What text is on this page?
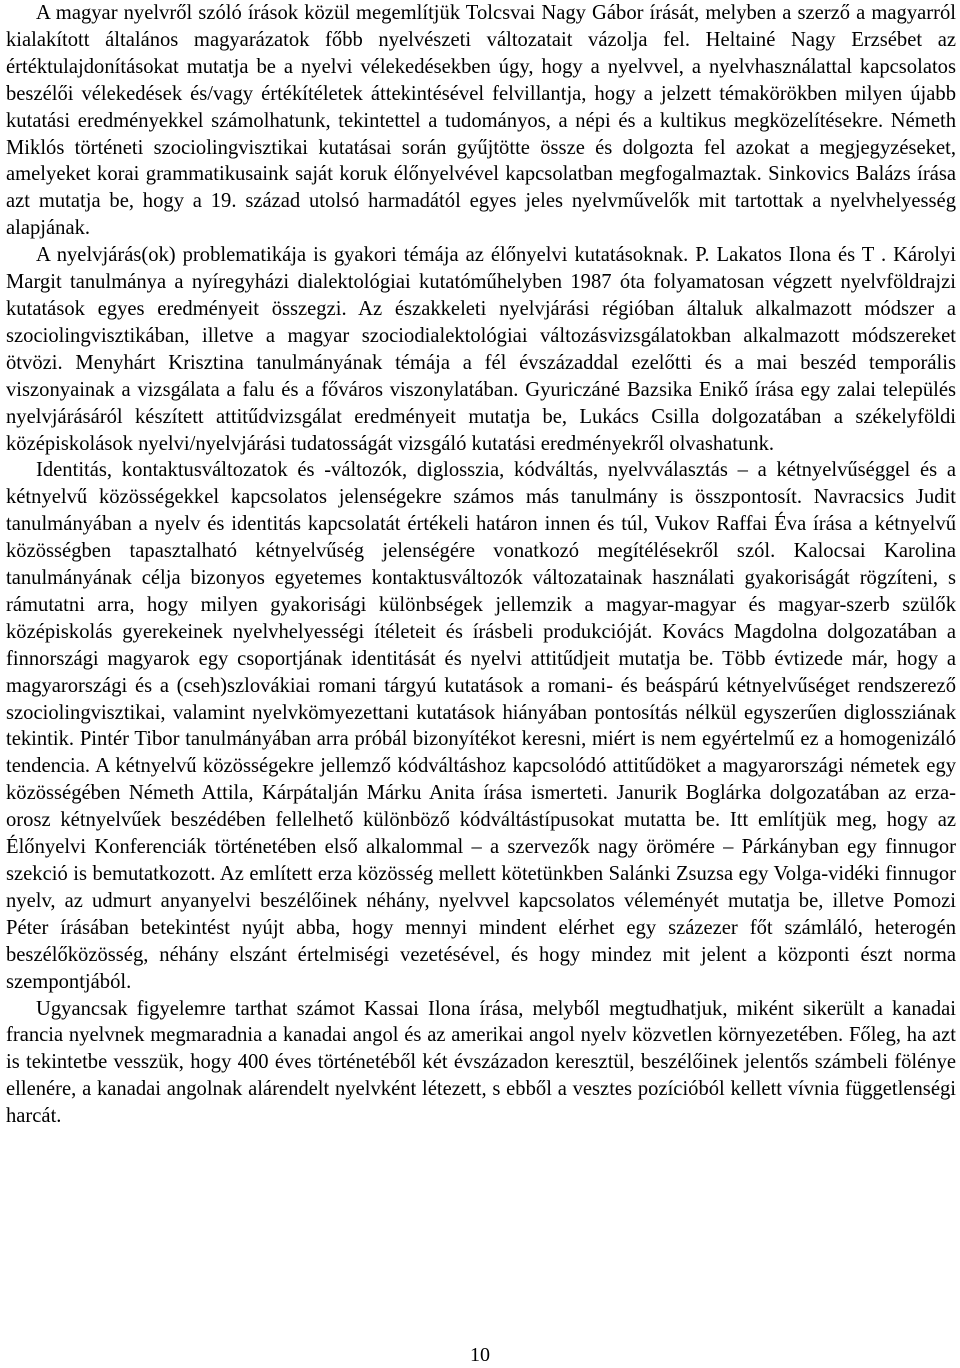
A magyar nyelvről szóló írások közül megemlítjük Tolcsvai Nagy Gábor írását, melyben a szerző a magyarról kialakított általános magyarázatok főbb nyelvészeti változatait vázolja fel. Heltainé Nagy Erzsébet az értéktulajdonításokat mutatja be a nyelvi vélekedésekben úgy, hogy a nyelvvel, a nyelvhasználattal kapcsolatos beszélői vélekedések és/vagy értékítéletek áttekintésével felvillantja, hogy a jelzett témakörökben milyen újabb kutatási eredményekkel számolhatunk, tekintettel a tudományos, a népi és a kultikus megközelítésekre. Németh Miklós történeti szociolingvisztikai kutatásai során gyűjtötte össze és dolgozta fel azokat a megjegyzéseket, amelyeket korai grammatikusaink saját koruk élőnyelvével kapcsolatban megfogalmaztak. Sinkovics Balázs írása azt mutatja be, hogy a 19. század utolsó harmadától egyes jeles nyelvművelők mit tartottak a nyelvhelyesség alapjának.

A nyelvjárás(ok) problematikája is gyakori témája az élőnyelvi kutatásoknak. P. Lakatos Ilona és T . Károlyi Margit tanulmánya a nyíregyházi dialektológiai kutatóműhelyben 1987 óta folyamatosan végzett nyelvföldrajzi kutatások egyes eredményeit összegzi. Az északkeleti nyelvjárási régióban általuk alkalmazott módszer a szociolingvisztikában, illetve a magyar szociodialektológiai változásvizsgálatokban alkalmazott módszereket ötvözi. Menyhárt Krisztina tanulmányának témája a fél évszázaddal ezelőtti és a mai beszéd temporális viszonyainak a vizsgálata a falu és a főváros viszonylatában. Gyuriczáné Bazsika Enikő írása egy zalai település nyelvjárásáról készített attitűdvizsgálat eredményeit mutatja be, Lukács Csilla dolgozatában a székelyföldi középiskolások nyelvi/nyelvjárási tudatosságát vizsgáló kutatási eredményekről olvashatunk.

Identitás, kontaktusváltozatok és -változók, diglosszia, kódváltás, nyelvválasztás – a kétnyelvűséggel és a kétnyelvű közösségekkel kapcsolatos jelenségekre számos más tanulmány is összpontosít. Navracsics Judit tanulmányában a nyelv és identitás kapcsolatát értékeli határon innen és túl, Vukov Raffai Éva írása a kétnyelvű közösségben tapasztalható kétnyelvűség jelenségére vonatkozó megítélésekről szól. Kalocsai Karolina tanulmányának célja bizonyos egyetemes kontaktusváltozók változatainak használati gyakoriságát rögzíteni, s rámutatni arra, hogy milyen gyakorisági különbségek jellemzik a magyar-magyar és magyar-szerb szülők középiskolás gyerekeinek nyelvhelyességi ítéleteit és írásbeli produkcióját. Kovács Magdolna dolgozatában a finnországi magyarok egy csoportjának identitását és nyelvi attitűdjeit mutatja be. Több évtizede már, hogy a magyarországi és a (cseh)szlovákiai romani tárgyú kutatások a romani- és beáspárú kétnyelvűséget rendszerező szociolingvisztikai, valamint nyelvkömyezettani kutatások hiányában pontosítás nélkül egyszerűen diglossziának tekintik. Pintér Tibor tanulmányában arra próbál bizonyítékot keresni, miért is nem egyértelmű ez a homogenizáló tendencia. A kétnyelvű közösségekre jellemző kódváltáshoz kapcsolódó attitűdöket a magyarországi németek egy közösségében Németh Attila, Kárpátalján Márku Anita írása ismerteti. Janurik Boglárka dolgozatában az erza-orosz kétnyelvűek beszédében fellelhető különböző kódváltástípusokat mutatta be. Itt említjük meg, hogy az Élőnyelvi Konferenciák történetében első alkalommal – a szervezők nagy örömére – Párkányban egy finnugor szekció is bemutatkozott. Az említett erza közösség mellett kötetünkben Salánki Zsuzsa egy Volga-vidéki finnugor nyelv, az udmurt anyanyelvi beszélőinek néhány, nyelvvel kapcsolatos véleményét mutatja be, illetve Pomozi Péter írásában betekintést nyújt abba, hogy mennyi mindent elérhet egy százezer főt számláló, heterogén beszélőközösség, néhány elszánt értelmiségi vezetésével, és hogy mindez mit jelent a központi észt norma szempontjából.

Ugyancsak figyelemre tarthat számot Kassai Ilona írása, melyből megtudhatjuk, miként sikerült a kanadai francia nyelvnek megmaradnia a kanadai angol és az amerikai angol nyelv közvetlen környezetében. Főleg, ha azt is tekintetbe vesszük, hogy 400 éves történetéből két évszázadon keresztül, beszélőinek jelentős számbeli fölénye ellenére, a kanadai angolnak alárendelt nyelvként létezett, s ebből a vesztes pozícióból kellett vívnia függetlenségi harcát.

10
